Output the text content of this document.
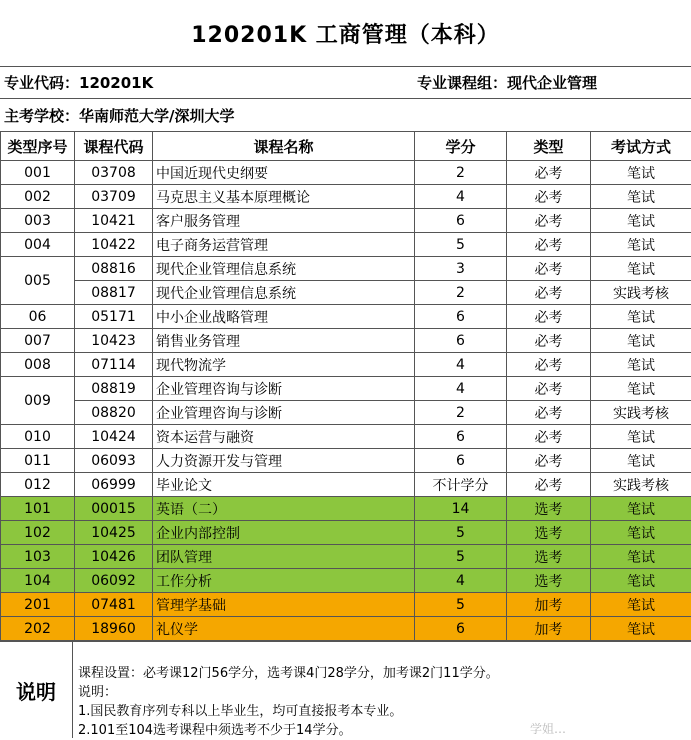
120201K 工商管理（本科）
专业代码：120201K	专业课程组：现代企业管理
主考学校：华南师范大学/深圳大学
类型序号	课程代码	课程名称	学分	类型	考试方式
001	03708	中国近现代史纲要	2	必考	笔试
002	03709	马克思主义基本原理概论	4	必考	笔试
003	10421	客户服务管理	6	必考	笔试
004	10422	电子商务运营管理	5	必考	笔试
005	08816	现代企业管理信息系统	3	必考	笔试
	08817	现代企业管理信息系统	2	必考	实践考核
06	05171	中小企业战略管理	6	必考	笔试
007	10423	销售业务管理	6	必考	笔试
008	07114	现代物流学	4	必考	笔试
009	08819	企业管理咨询与诊断	4	必考	笔试
	08820	企业管理咨询与诊断	2	必考	实践考核
010	10424	资本运营与融资	6	必考	笔试
011	06093	人力资源开发与管理	6	必考	笔试
012	06999	毕业论文	不计学分	必考	实践考核
101	00015	英语（二）	14	选考	笔试
102	10425	企业内部控制	5	选考	笔试
103	10426	团队管理	5	选考	笔试
104	06092	工作分析	4	选考	笔试
201	07481	管理学基础	5	加考	笔试
202	18960	礼仪学	6	加考	笔试
说明
课程设置：必考课12门56学分，选考课4门28学分，加考课2门11学分。
说明：
1.国民教育序列专科以上毕业生，均可直接报考本专业。
2.101至104选考课程中须选考不少于14学分。	学姐…
